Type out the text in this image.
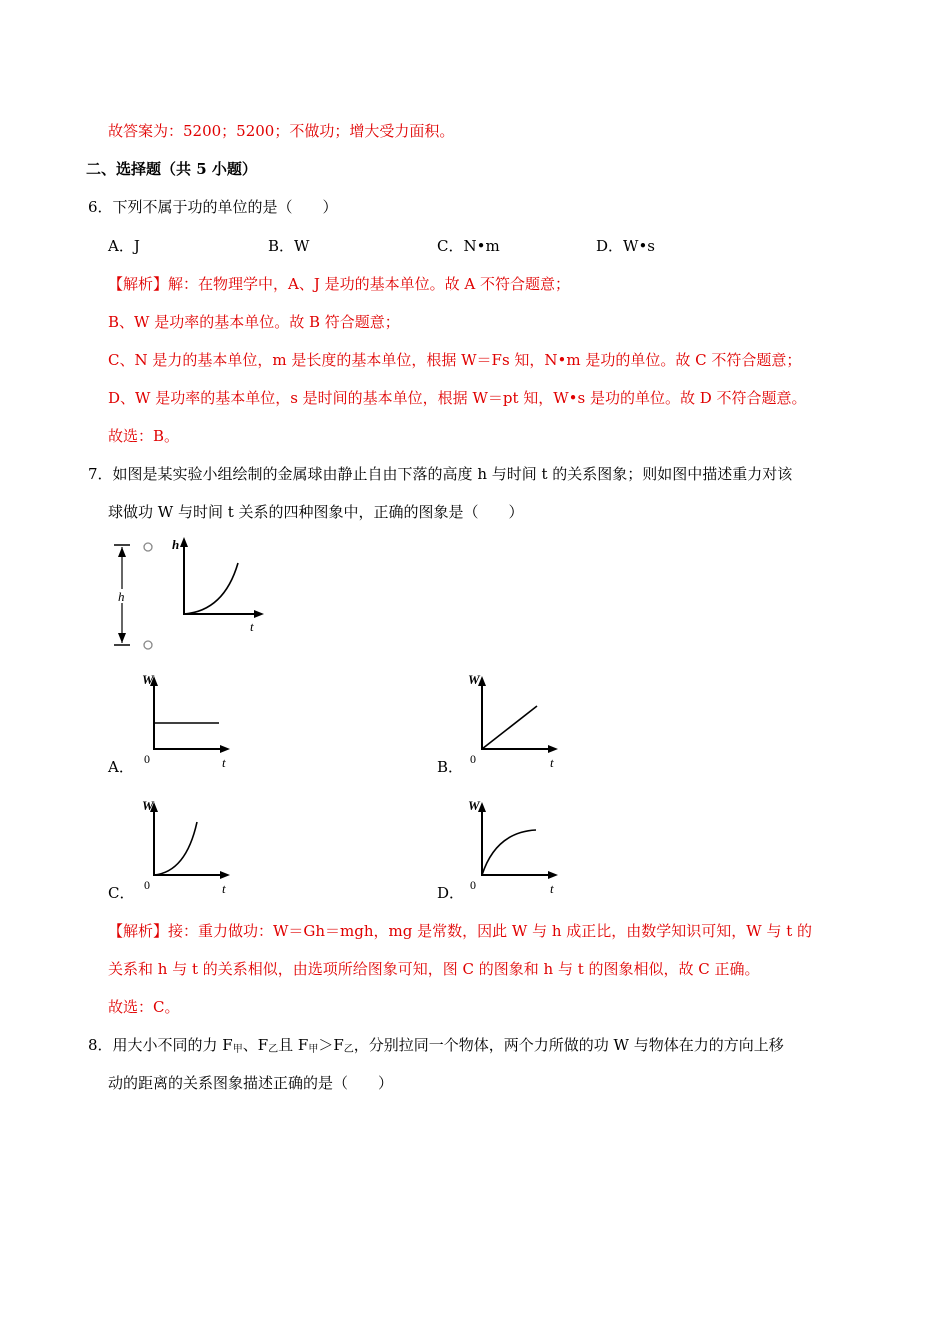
故答案为：5200；5200；不做功；增大受力面积。
二、选择题（共 5 小题）
6．下列不属于功的单位的是（　　）
A．J	B．W	C．N•m	D．W•s
【解析】解：在物理学中，A、J 是功的基本单位。故 A 不符合题意；
B、W 是功率的基本单位。故 B 符合题意；
C、N 是力的基本单位，m 是长度的基本单位，根据 W＝Fs 知，N•m 是功的单位。故 C 不符合题意；
D、W 是功率的基本单位，s 是时间的基本单位，根据 W＝pt 知，W•s 是功的单位。故 D 不符合题意。
故选：B。
7．如图是某实验小组绘制的金属球由静止自由下落的高度 h 与时间 t 的关系图象；则如图中描述重力对该
球做功 W 与时间 t 关系的四种图象中，正确的图象是（　　）
h
h
t
A．
W
0	t	B．
W
0	t
C．
W
0	t	D．
W
0	t
【解析】接：重力做功：W＝Gh＝mgh，mg 是常数，因此 W 与 h 成正比，由数学知识可知，W 与 t 的
关系和 h 与 t 的关系相似，由选项所给图象可知，图 C 的图象和 h 与 t 的图象相似，故 C 正确。
故选：C。
8．用大小不同的力 $F_甲$、$F_乙$且 $F_甲>F_乙$，分别拉同一个物体，两个力所做的功 W 与物体在力的方向上移
动的距离的关系图象描述正确的是（　　）
